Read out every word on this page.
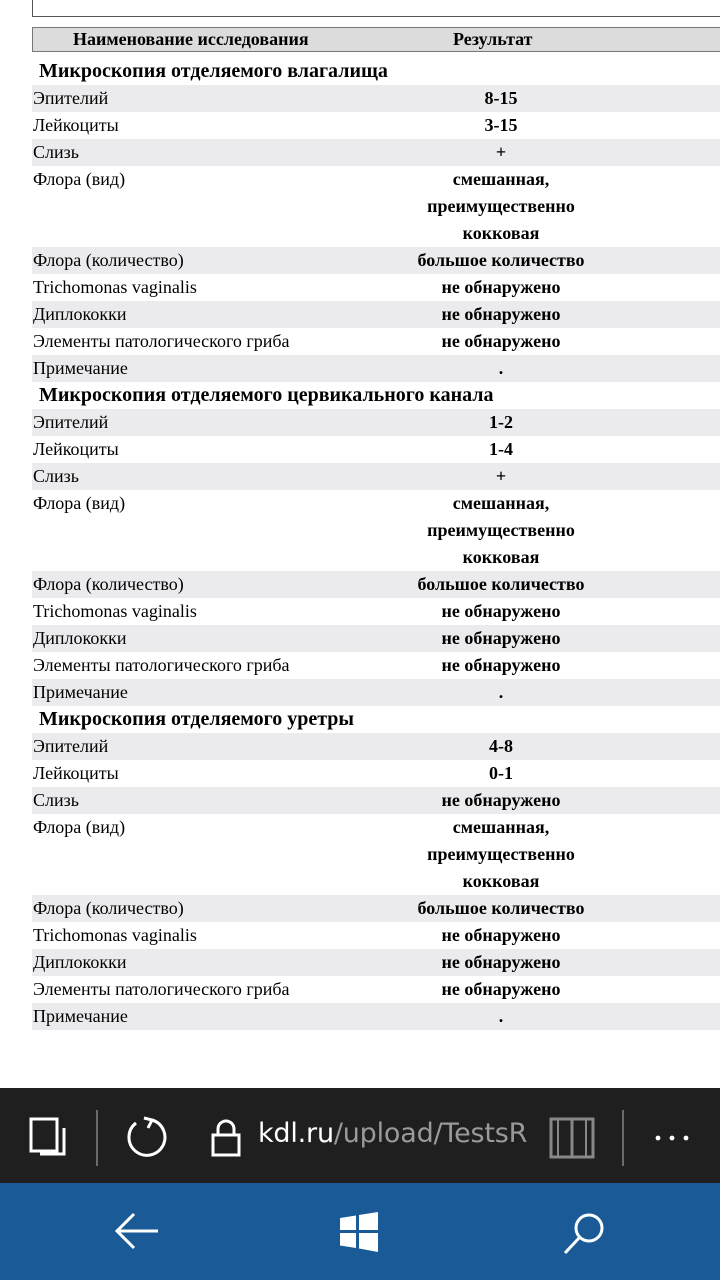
Наименование исследования	Результат
Микроскопия отделяемого влагалища
Эпителий	8-15
Лейкоциты	3-15
Слизь	+
Флора (вид)	смешанная,
преимущественно
кокковая
Флора (количество)	большое количество
Trichomonas vaginalis	не обнаружено
Диплококки	не обнаружено
Элементы патологического гриба	не обнаружено
Примечание	.
Микроскопия отделяемого цервикального канала
Эпителий	1-2
Лейкоциты	1-4
Слизь	+
Флора (вид)	смешанная,
преимущественно
кокковая
Флора (количество)	большое количество
Trichomonas vaginalis	не обнаружено
Диплококки	не обнаружено
Элементы патологического гриба	не обнаружено
Примечание	.
Микроскопия отделяемого уретры
Эпителий	4-8
Лейкоциты	0-1
Слизь	не обнаружено
Флора (вид)	смешанная,
преимущественно
кокковая
Флора (количество)	большое количество
Trichomonas vaginalis	не обнаружено
Диплококки	не обнаружено
Элементы патологического гриба	не обнаружено
Примечание	.
kdl.ru/upload/TestsR
